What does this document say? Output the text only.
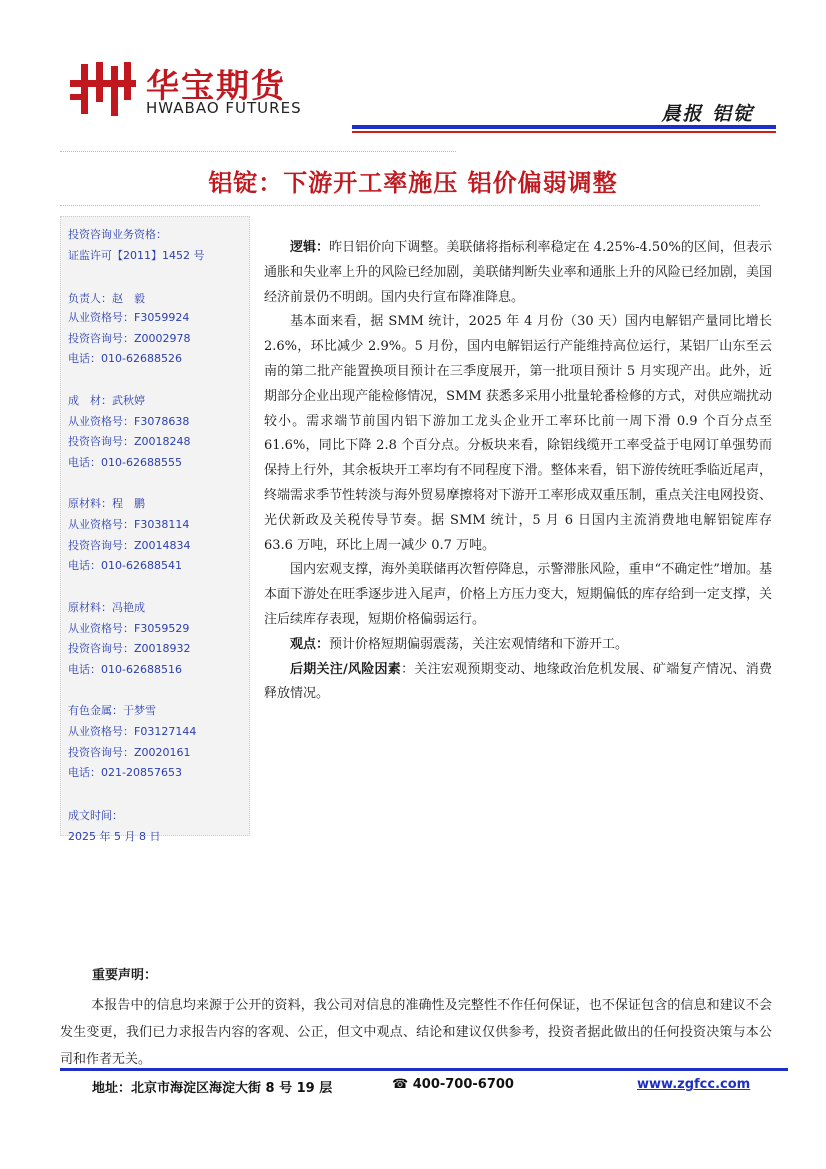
华宝期货
HWABAO FUTURES	晨报 铝锭
铝锭：下游开工率施压 铝价偏弱调整
投资咨询业务资格：
证监许可【2011】1452 号
负责人：赵　毅
从业资格号：F3059924
投资咨询号：Z0002978
电话：010-62688526
成　材：武秋婷
从业资格号：F3078638
投资咨询号：Z0018248
电话：010-62688555
原材料：程　鹏
从业资格号：F3038114
投资咨询号：Z0014834
电话：010-62688541
原材料：冯艳成
从业资格号：F3059529
投资咨询号：Z0018932
电话：010-62688516
有色金属：于梦雪
从业资格号：F03127144
投资咨询号：Z0020161
电话：021-20857653
成文时间：
2025 年 5 月 8 日

逻辑：昨日铝价向下调整。美联储将指标利率稳定在 4.25%-4.50%的区间，但表示通胀和失业率上升的风险已经加剧，美联储判断失业率和通胀上升的风险已经加剧，美国经济前景仍不明朗。国内央行宣布降准降息。

基本面来看，据 SMM 统计，2025 年 4 月份（30 天）国内电解铝产量同比增长 2.6%，环比减少 2.9%。5 月份，国内电解铝运行产能维持高位运行，某铝厂山东至云南的第二批产能置换项目预计在三季度展开，第一批项目预计 5 月实现产出。此外，近期部分企业出现产能检修情况，SMM 获悉多采用小批量轮番检修的方式，对供应端扰动较小。需求端节前国内铝下游加工龙头企业开工率环比前一周下滑 0.9 个百分点至 61.6%，同比下降 2.8 个百分点。分板块来看，除铝线缆开工率受益于电网订单强势而保持上行外，其余板块开工率均有不同程度下滑。整体来看，铝下游传统旺季临近尾声，终端需求季节性转淡与海外贸易摩擦将对下游开工率形成双重压制，重点关注电网投资、光伏新政及关税传导节奏。据 SMM 统计，5 月 6 日国内主流消费地电解铝锭库存 63.6 万吨，环比上周一减少 0.7 万吨。

国内宏观支撑，海外美联储再次暂停降息，示警滞胀风险，重申“不确定性”增加。基本面下游处在旺季逐步进入尾声，价格上方压力变大，短期偏低的库存给到一定支撑，关注后续库存表现，短期价格偏弱运行。

观点：预计价格短期偏弱震荡，关注宏观情绪和下游开工。

后期关注/风险因素：关注宏观预期变动、地缘政治危机发展、矿端复产情况、消费释放情况。

重要声明：

本报告中的信息均来源于公开的资料，我公司对信息的准确性及完整性不作任何保证，也不保证包含的信息和建议不会发生变更，我们已力求报告内容的客观、公正，但文中观点、结论和建议仅供参考，投资者据此做出的任何投资决策与本公司和作者无关。

地址：北京市海淀区海淀大街 8 号 19 层	☎ 400-700-6700	www.zgfcc.com
